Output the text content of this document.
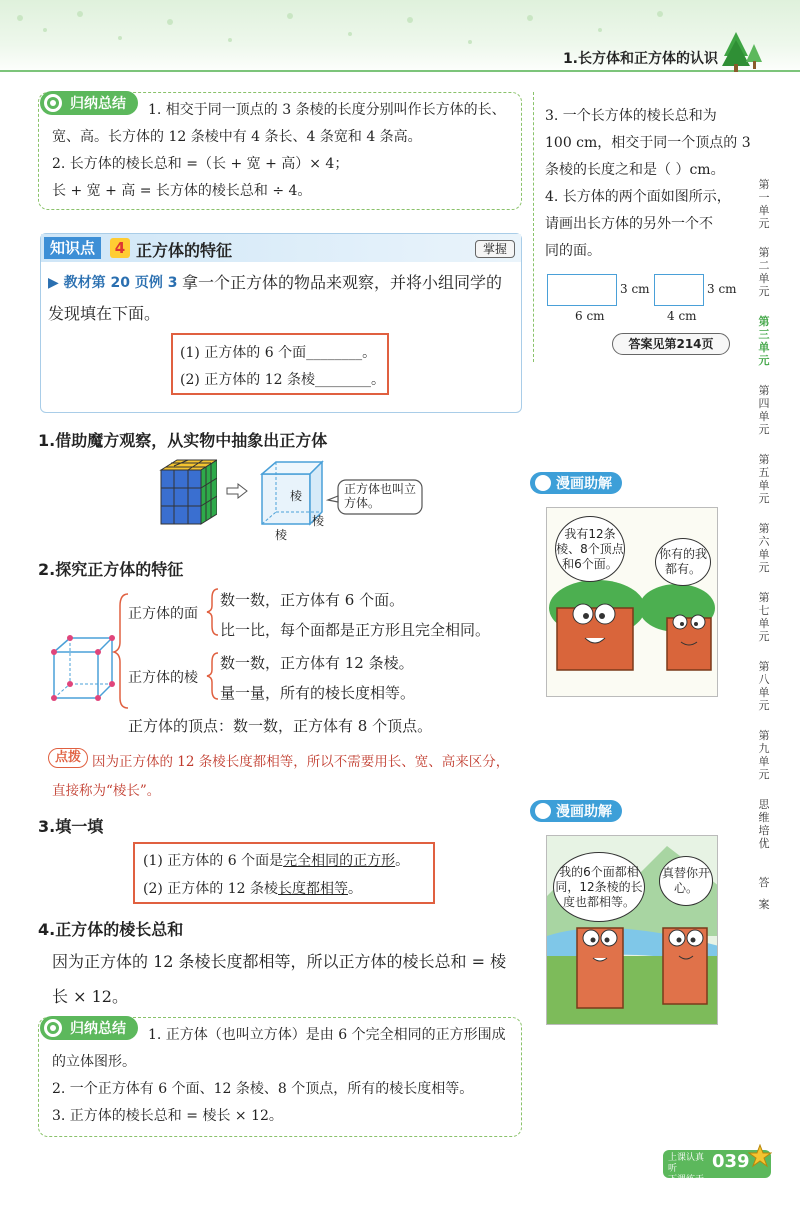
1.长方体和正方体的认识
归纳总结	1. 相交于同一顶点的 3 条棱的长度分别叫作长方体的长、
宽、高。长方体的 12 条棱中有 4 条长、4 条宽和 4 条高。
2. 长方体的棱长总和 =（长 + 宽 + 高）× 4；
长 + 宽 + 高 = 长方体的棱长总和 ÷ 4。
知识点	4 正方体的特征	掌握
▶ 教材第 20 页例 3 拿一个正方体的物品来观察，并将小组同学的
发现填在下面。
(1) 正方体的 6 个面________。
(2) 正方体的 12 条棱________。
1.借助魔方观察，从实物中抽象出正方体
棱
棱
棱
正方体也叫立方体。
2.探究正方体的特征
正方体的面
数一数，正方体有 6 个面。
比一比，每个面都是正方形且完全相同。
正方体的棱
数一数，正方体有 12 条棱。
量一量，所有的棱长度相等。
正方体的顶点：数一数，正方体有 8 个顶点。
点拨 因为正方体的 12 条棱长度都相等，所以不需要用长、宽、高来区分，
直接称为“棱长”。
3.填一填
(1) 正方体的 6 个面是完全相同的正方形。
(2) 正方体的 12 条棱长度都相等。
4.正方体的棱长总和
因为正方体的 12 条棱长度都相等，所以正方体的棱长总和 = 棱
长 × 12。
归纳总结	1. 正方体（也叫立方体）是由 6 个完全相同的正方形围成
的立体图形。
2. 一个正方体有 6 个面、12 条棱、8 个顶点，所有的棱长度相等。
3. 正方体的棱长总和 = 棱长 × 12。
3. 一个长方体的棱长总和为
100 cm，相交于同一个顶点的 3
条棱的长度之和是（ ）cm。
4. 长方体的两个面如图所示，
请画出长方体的另外一个不
同的面。
3 cm
6 cm
3 cm
4 cm
答案见第214页
漫画助解
我有12条棱、8个顶点和6个面。
你有的我都有。
漫画助解
我的6个面都相同，12条棱的长度也都相等。
真替你开心。
第一单元
第二单元
第三单元
第四单元
第五单元
第六单元
第七单元
第八单元
第九单元
思维培优
答案
上课认真听
下课练天量
039
